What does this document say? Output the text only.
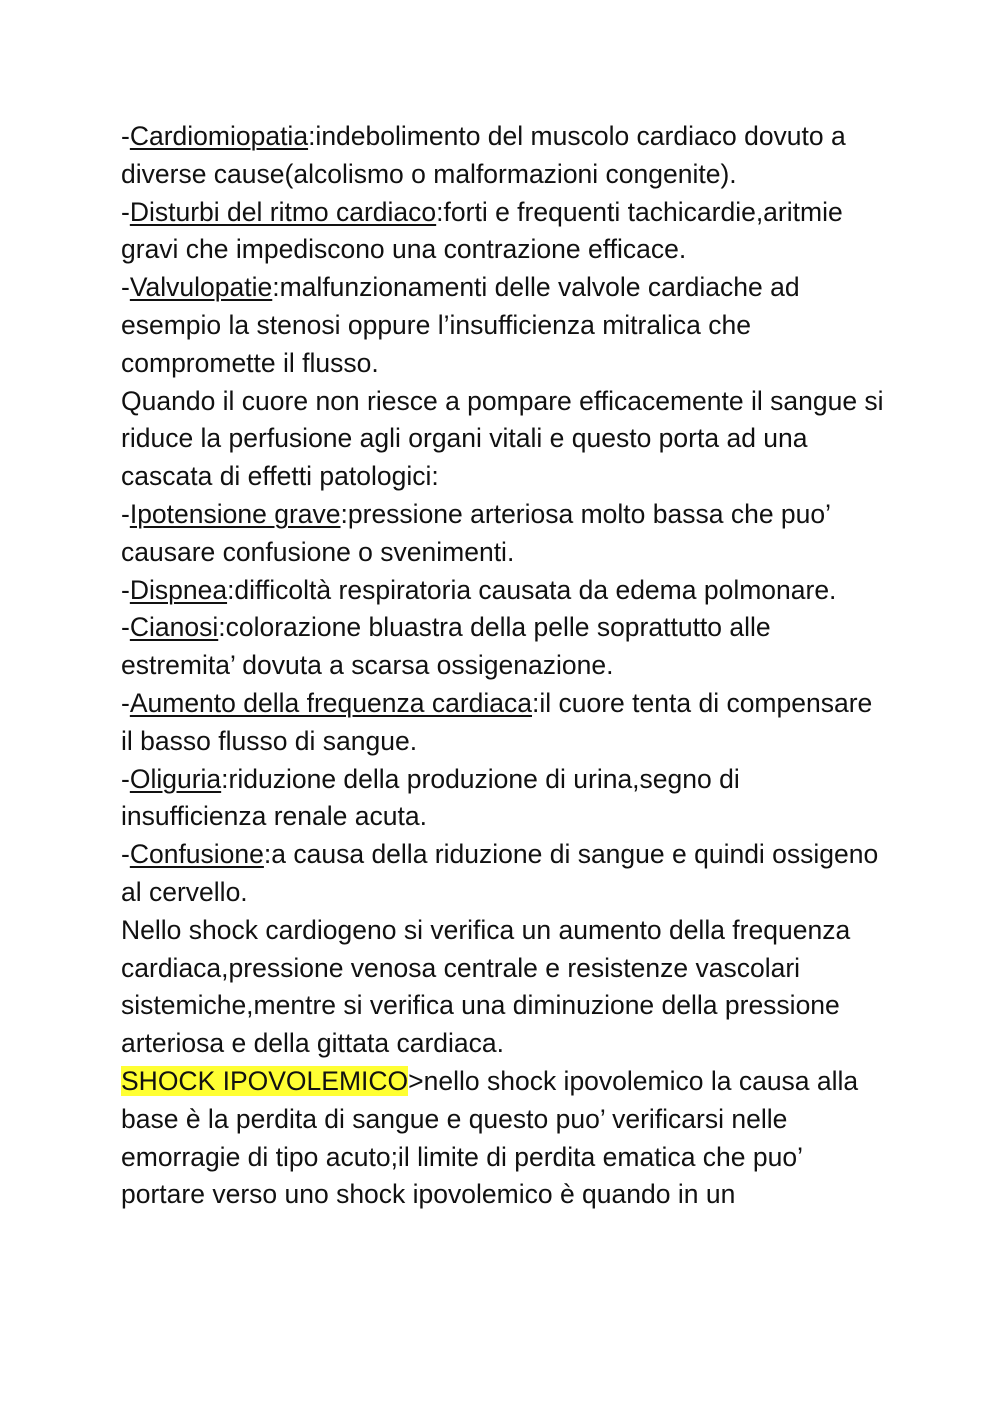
-Cardiomiopatia:indebolimento del muscolo cardiaco dovuto a diverse cause(alcolismo o malformazioni congenite).

-Disturbi del ritmo cardiaco:forti e frequenti tachicardie,aritmie gravi che impediscono una contrazione efficace.

-Valvulopatie:malfunzionamenti delle valvole cardiache ad esempio la stenosi oppure l’insufficienza mitralica che compromette il flusso.

Quando il cuore non riesce a pompare efficacemente il sangue si riduce la perfusione agli organi vitali e questo porta ad una cascata di effetti patologici:

-Ipotensione grave:pressione arteriosa molto bassa che puo’ causare confusione o svenimenti.

-Dispnea:difficoltà respiratoria causata da edema polmonare.

-Cianosi:colorazione bluastra della pelle soprattutto alle estremita’ dovuta a scarsa ossigenazione.

-Aumento della frequenza cardiaca:il cuore tenta di compensare il basso flusso di sangue.

-Oliguria:riduzione della produzione di urina,segno di insufficienza renale acuta.

-Confusione:a causa della riduzione di sangue e quindi ossigeno al cervello.

Nello shock cardiogeno si verifica un aumento della frequenza cardiaca,pressione venosa centrale e resistenze vascolari sistemiche,mentre si verifica una diminuzione della pressione arteriosa e della gittata cardiaca.

SHOCK IPOVOLEMICO>nello shock ipovolemico la causa alla base è la perdita di sangue e questo puo’ verificarsi nelle emorragie di tipo acuto;il limite di perdita ematica che puo’ portare verso uno shock ipovolemico è quando in un
